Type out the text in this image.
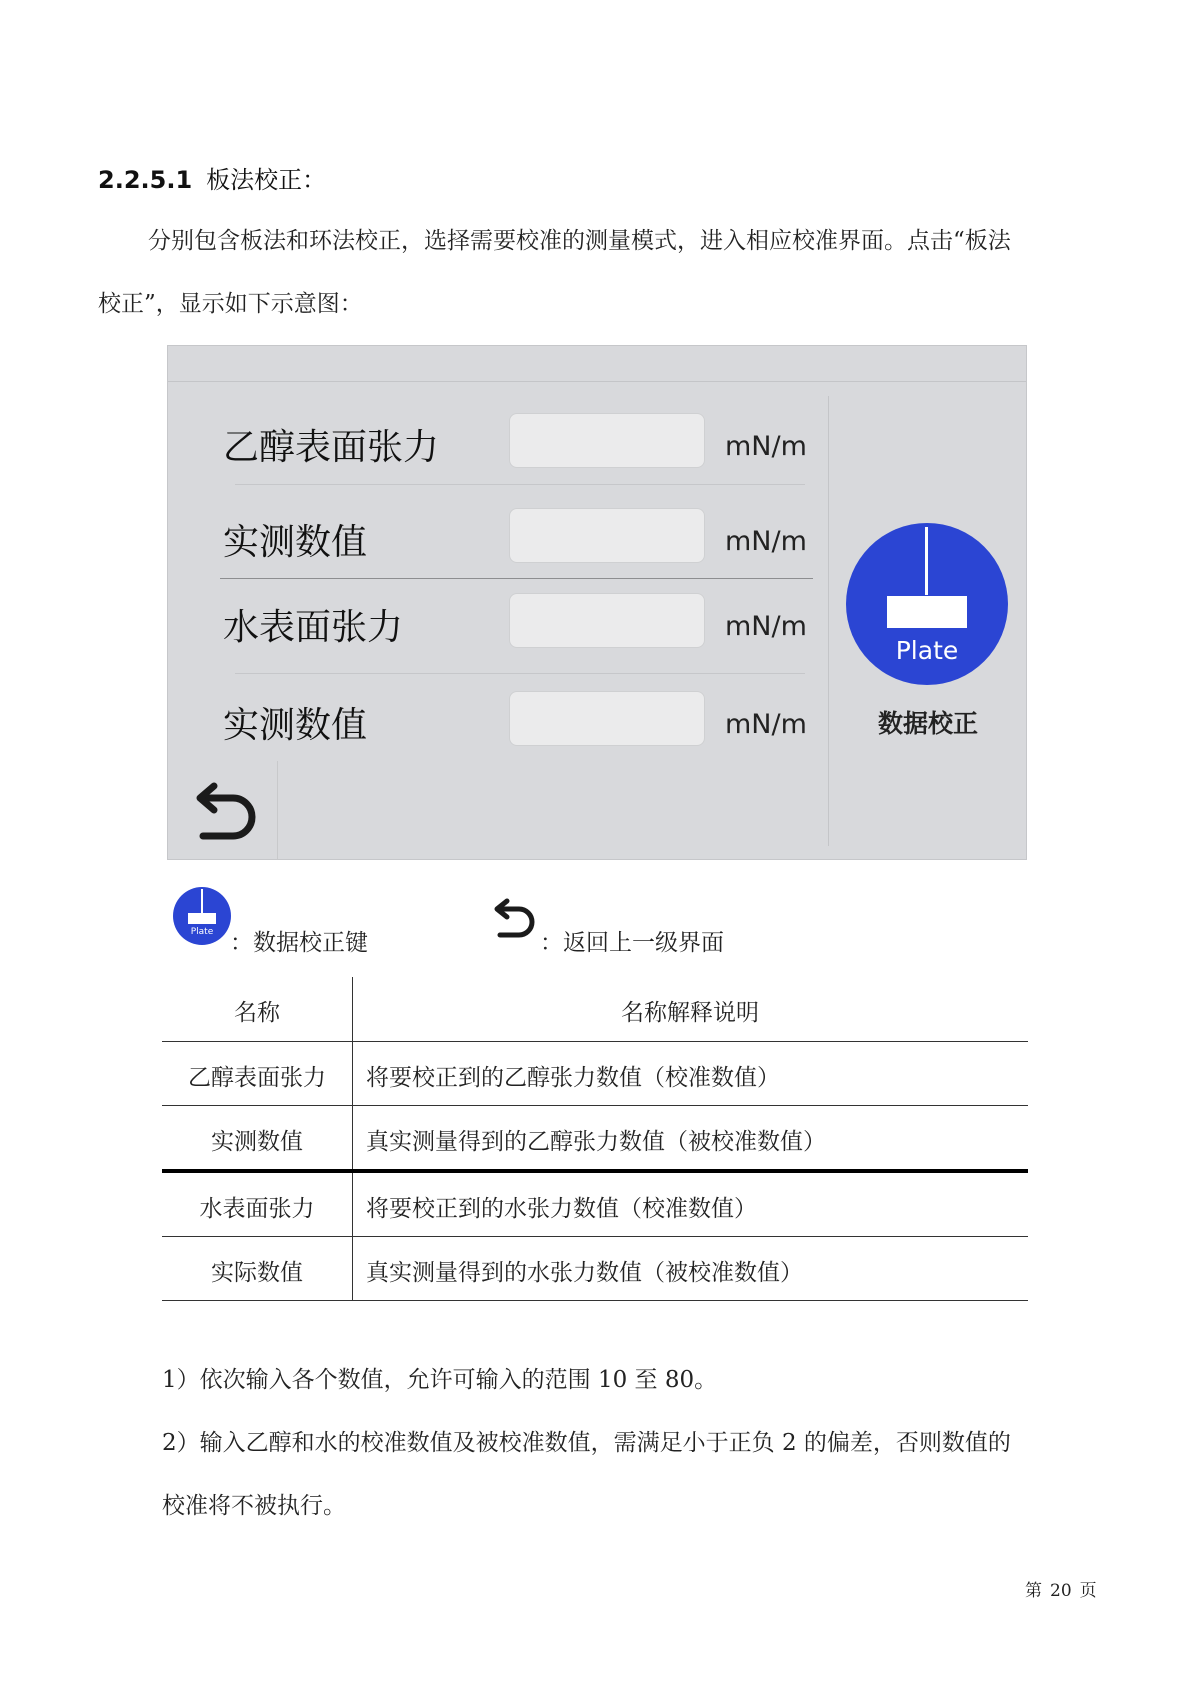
2.2.5.1 板法校正：
分别包含板法和环法校正，选择需要校准的测量模式，进入相应校准界面。点击“板法
校正”，显示如下示意图：
乙醇表面张力	mN/m
实测数值	mN/m
水表面张力	mN/m
实测数值	mN/m
Plate
数据校正
Plate ：数据校正键	：返回上一级界面
名称	名称解释说明
乙醇表面张力	将要校正到的乙醇张力数值（校准数值）
实测数值	真实测量得到的乙醇张力数值（被校准数值）
水表面张力	将要校正到的水张力数值（校准数值）
实际数值	真实测量得到的水张力数值（被校准数值）
1）依次输入各个数值，允许可输入的范围 10 至 80。
2）输入乙醇和水的校准数值及被校准数值，需满足小于正负 2 的偏差，否则数值的
校准将不被执行。
第 20 页
